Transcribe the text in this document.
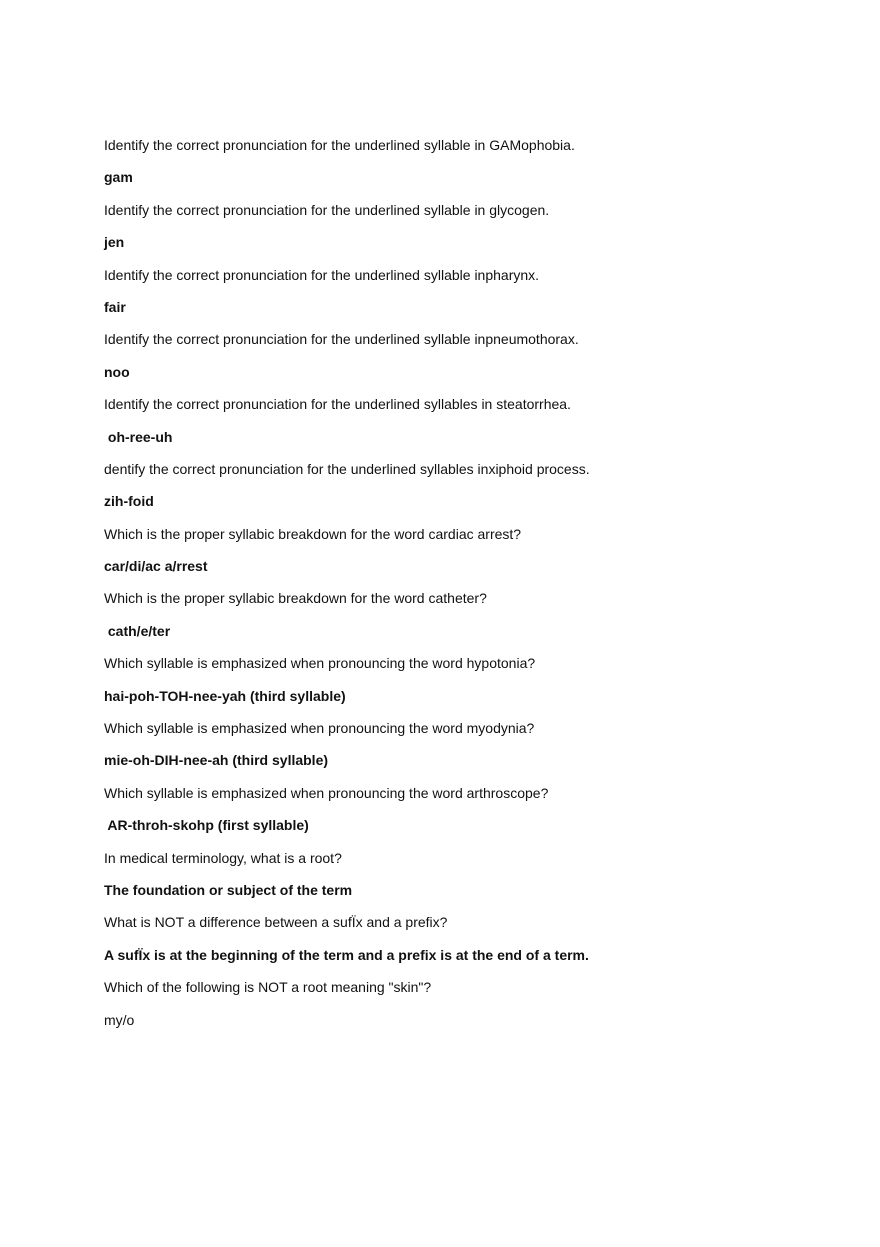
Identify the correct pronunciation for the underlined syllable in GAMophobia.
gam
Identify the correct pronunciation for the underlined syllable in glycogen.
jen
Identify the correct pronunciation for the underlined syllable inpharynx.
fair
Identify the correct pronunciation for the underlined syllable inpneumothorax.
noo
Identify the correct pronunciation for the underlined syllables in steatorrhea.
oh-ree-uh
dentify the correct pronunciation for the underlined syllables inxiphoid process.
zih-foid
Which is the proper syllabic breakdown for the word cardiac arrest?
car/di/ac a/rrest
Which is the proper syllabic breakdown for the word catheter?
cath/e/ter
Which syllable is emphasized when pronouncing the word hypotonia?
hai-poh-TOH-nee-yah (third syllable)
Which syllable is emphasized when pronouncing the word myodynia?
mie-oh-DIH-nee-ah (third syllable)
Which syllable is emphasized when pronouncing the word arthroscope?
AR-throh-skohp (first syllable)
In medical terminology, what is a root?
The foundation or subject of the term
What is NOT a difference between a sufÏx and a prefix?
A sufÏx is at the beginning of the term and a prefix is at the end of a term.
Which of the following is NOT a root meaning "skin"?
my/o
